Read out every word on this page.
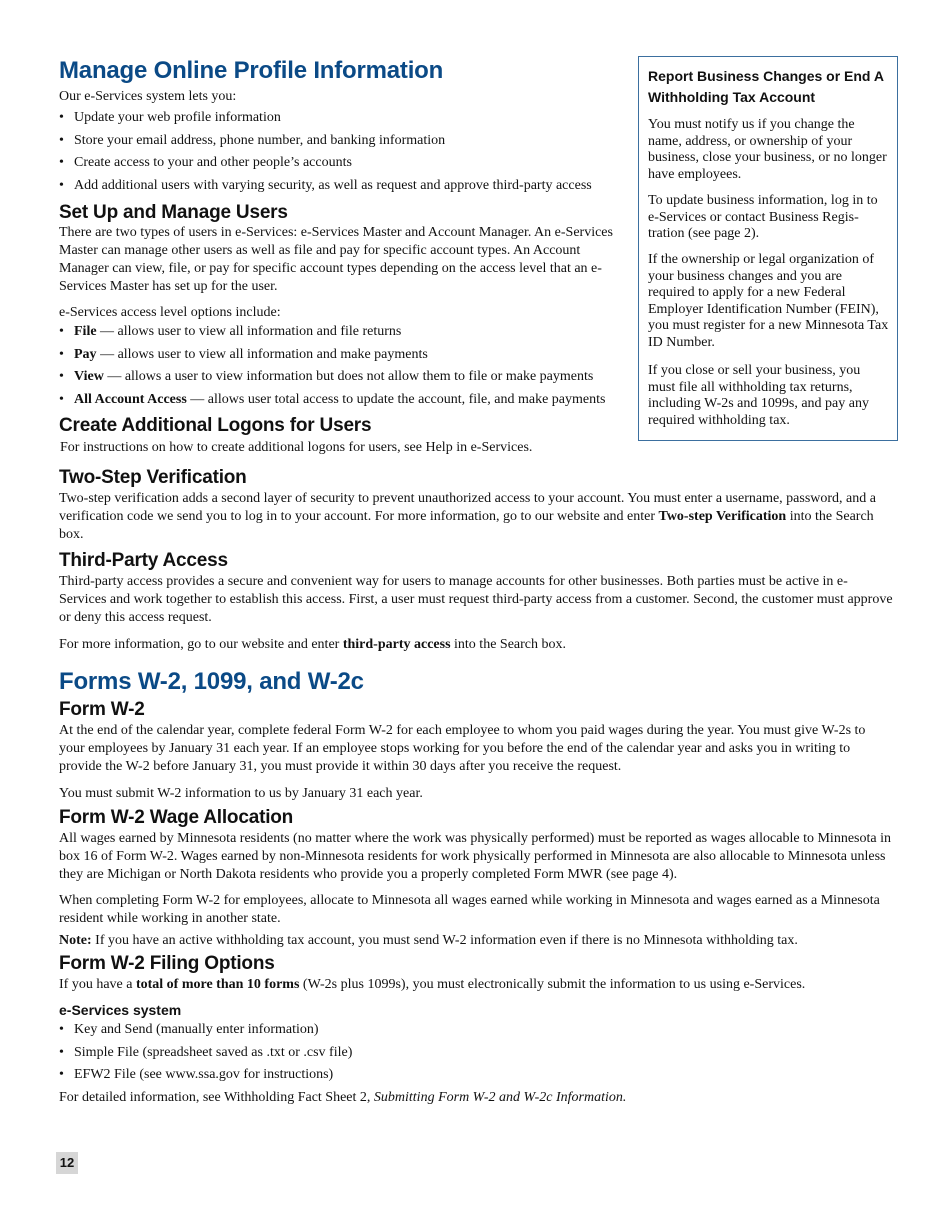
Manage Online Profile Information

Our e-Services system lets you:

• Update your web profile information
• Store your email address, phone number, and banking information
• Create access to your and other people’s accounts
• Add additional users with varying security, as well as request and approve third-party access
Set Up and Manage Users

There are two types of users in e-Services: e-Services Master and Account Manager. An e-Services Master can manage other users as well as file and pay for specific account types. An Account Manager can view, file, or pay for specific account types depending on the access level that an e-Services Master has set up for the user.

e-Services access level options include:

• File — allows user to view all information and file returns
• Pay — allows user to view all information and make payments
• View — allows a user to view information but does not allow them to file or make payments
• All Account Access — allows user total access to update the account, file, and make payments
Create Additional Logons for Users

For instructions on how to create additional logons for users, see Help in e-Services.

Two-Step Verification

Two-step verification adds a second layer of security to prevent unauthorized access to your account. You must enter a username, password, and a verification code we send you to log in to your account. For more information, go to our website and enter Two-step Verification into the Search box.

Third-Party Access

Third-party access provides a secure and convenient way for users to manage accounts for other businesses. Both parties must be active in e-Services and work together to establish this access. First, a user must request third-party access from a customer. Second, the customer must approve or deny this access request.

For more information, go to our website and enter third-party access into the Search box.

Report Business Changes or End A Withholding Tax Account

You must notify us if you change the name, address, or ownership of your business, close your business, or no longer have employees.

To update business information, log in to e-Services or contact Business Regis-tration (see page 2).

If the ownership or legal organization of your business changes and you are required to apply for a new Federal Employer Identification Number (FEIN), you must register for a new Minnesota Tax ID Number.

If you close or sell your business, you must file all withholding tax returns, including W-2s and 1099s, and pay any required withholding tax.

Forms W-2, 1099, and W-2c
Form W-2

At the end of the calendar year, complete federal Form W-2 for each employee to whom you paid wages during the year. You must give W-2s to your employees by January 31 each year. If an employee stops working for you before the end of the calendar year and asks you in writing to provide the W-2 before January 31, you must provide it within 30 days after you receive the request.

You must submit W-2 information to us by January 31 each year.

Form W-2 Wage Allocation

All wages earned by Minnesota residents (no matter where the work was physically performed) must be reported as wages allocable to Minnesota in box 16 of Form W-2. Wages earned by non-Minnesota residents for work physically performed in Minnesota are also allocable to Minnesota unless they are Michigan or North Dakota residents who provide you a properly completed Form MWR (see page 4).

When completing Form W-2 for employees, allocate to Minnesota all wages earned while working in Minnesota and wages earned as a Minnesota resident while working in another state.

Note: If you have an active withholding tax account, you must send W-2 information even if there is no Minnesota withholding tax.

Form W-2 Filing Options

If you have a total of more than 10 forms (W-2s plus 1099s), you must electronically submit the information to us using e-Services.

e-Services system
• Key and Send (manually enter information)
• Simple File (spreadsheet saved as .txt or .csv file)
• EFW2 File (see www.ssa.gov for instructions)

For detailed information, see Withholding Fact Sheet 2, Submitting Form W-2 and W-2c Information.

12
